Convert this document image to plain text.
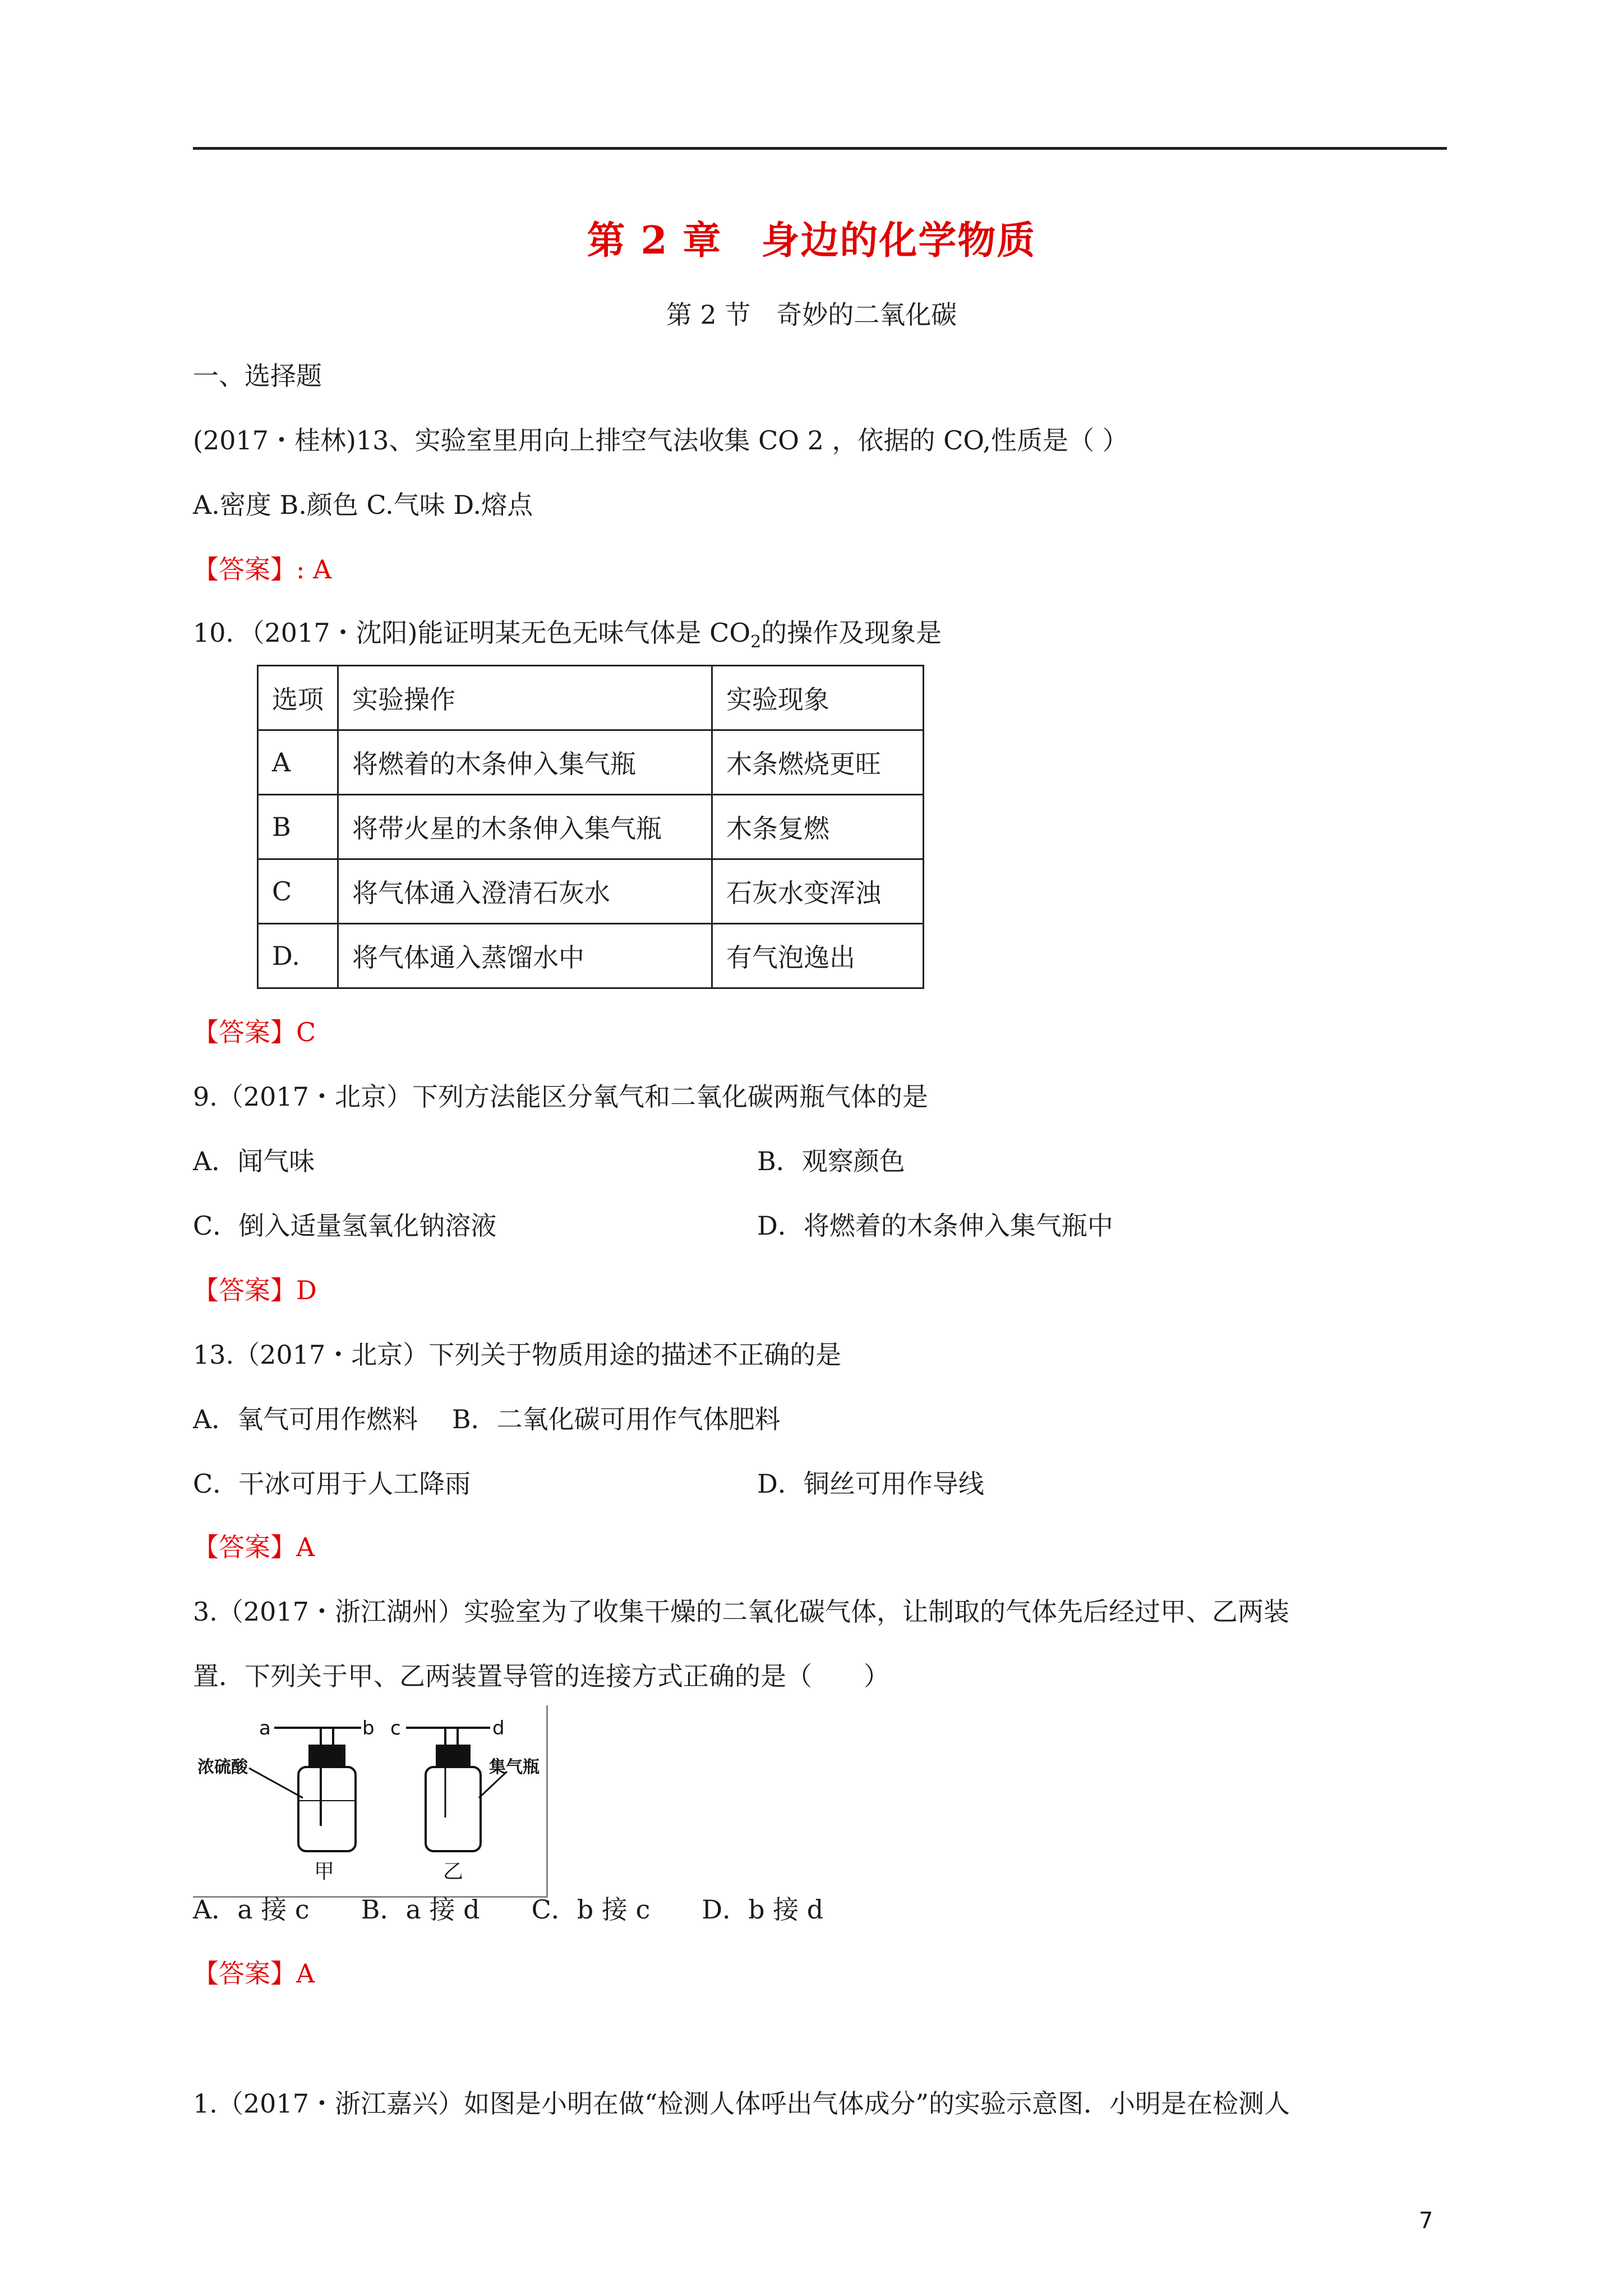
第 2 章　身边的化学物质
第 2 节　奇妙的二氧化碳
一、选择题
(2017・桂林)13、实验室里用向上排空气法收集 CO 2 ，依据的 CO,性质是（ ）
A.密度 B.颜色 C.气味 D.熔点
【答案】: A
10．（2017・沈阳)能证明某无色无味气体是 $CO_2$的操作及现象是
选项	实验操作	实验现象
A	将燃着的木条伸入集气瓶	木条燃烧更旺
B	将带火星的木条伸入集气瓶	木条复燃
C	将气体通入澄清石灰水	石灰水变浑浊
D.	将气体通入蒸馏水中	有气泡逸出
【答案】C
9.（2017・北京）下列方法能区分氧气和二氧化碳两瓶气体的是
A．闻气味	B．观察颜色
C．倒入适量氢氧化钠溶液	D．将燃着的木条伸入集气瓶中
【答案】D
13.（2017・北京）下列关于物质用途的描述不正确的是
A．氧气可用作燃料　 B．二氧化碳可用作气体肥料
C．干冰可用于人工降雨	D．铜丝可用作导线
【答案】A
3.（2017・浙江湖州）实验室为了收集干燥的二氧化碳气体，让制取的气体先后经过甲、乙两装
置．下列关于甲、乙两装置导管的连接方式正确的是（　　）
a	b c	d
浓硫酸	集气瓶
甲	乙
A．a 接 c　　B．a 接 d　　C．b 接 c　　D．b 接 d
【答案】A
1.（2017・浙江嘉兴）如图是小明在做“检测人体呼出气体成分”的实验示意图．小明是在检测人
7
